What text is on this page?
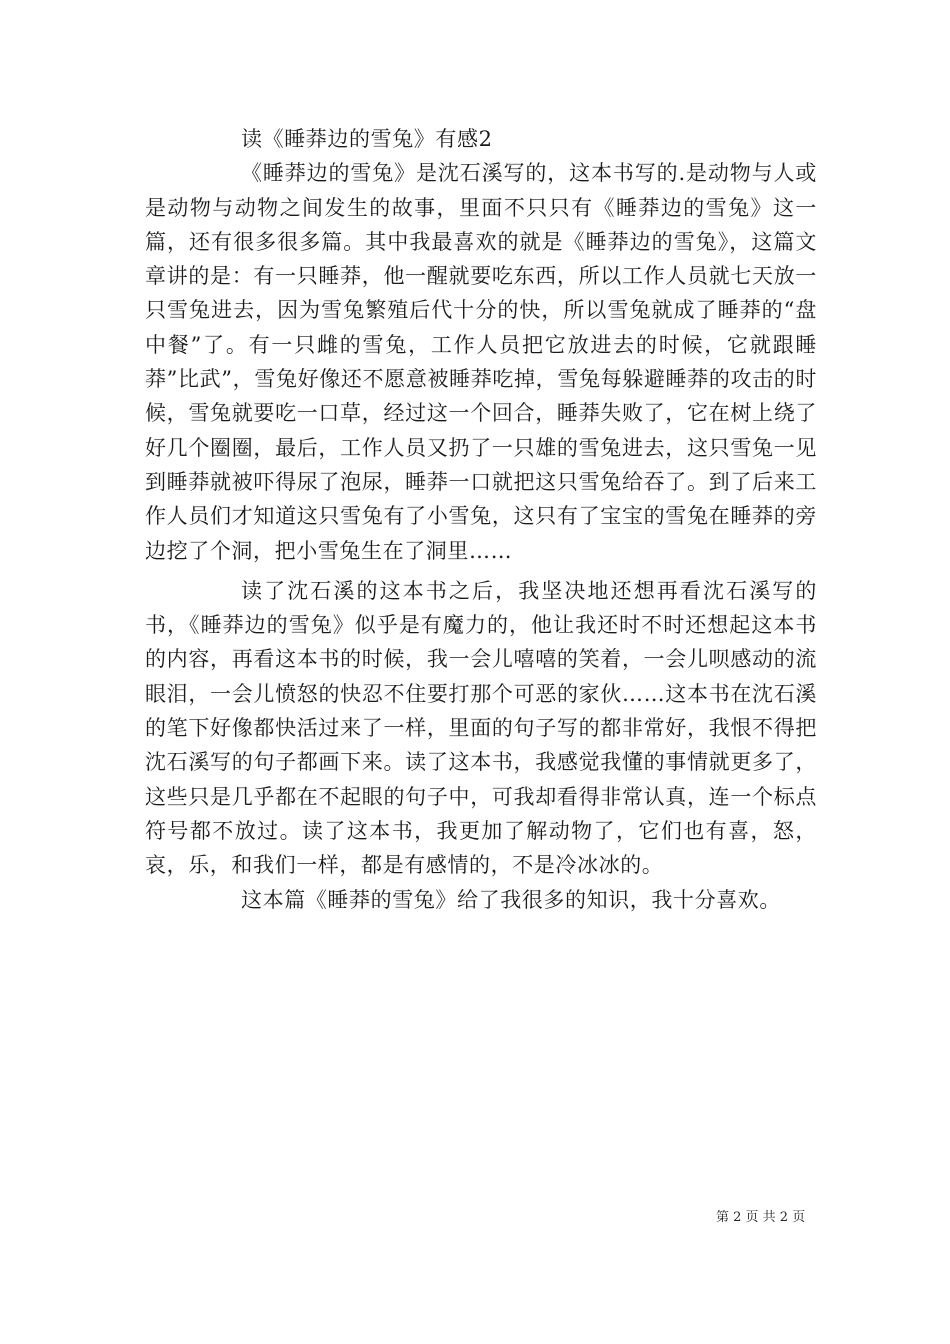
读《睡莽边的雪兔》有感2

《睡莽边的雪兔》是沈石溪写的，这本书写的.是动物与人或是动物与动物之间发生的故事，里面不只只有《睡莽边的雪兔》这一篇，还有很多很多篇。其中我最喜欢的就是《睡莽边的雪兔》，这篇文章讲的是：有一只睡莽，他一醒就要吃东西，所以工作人员就七天放一只雪兔进去，因为雪兔繁殖后代十分的快，所以雪兔就成了睡莽的“盘中餐”了。有一只雌的雪兔，工作人员把它放进去的时候，它就跟睡莽”比武”，雪兔好像还不愿意被睡莽吃掉，雪兔每躲避睡莽的攻击的时候，雪兔就要吃一口草，经过这一个回合，睡莽失败了，它在树上绕了好几个圈圈，最后，工作人员又扔了一只雄的雪兔进去，这只雪兔一见到睡莽就被吓得尿了泡尿，睡莽一口就把这只雪兔给吞了。到了后来工作人员们才知道这只雪兔有了小雪兔，这只有了宝宝的雪兔在睡莽的旁边挖了个洞，把小雪兔生在了洞里……

读了沈石溪的这本书之后，我坚决地还想再看沈石溪写的书，《睡莽边的雪兔》似乎是有魔力的，他让我还时不时还想起这本书的内容，再看这本书的时候，我一会儿嘻嘻的笑着，一会儿呗感动的流眼泪，一会儿愤怒的快忍不住要打那个可恶的家伙……这本书在沈石溪的笔下好像都快活过来了一样，里面的句子写的都非常好，我恨不得把沈石溪写的句子都画下来。读了这本书，我感觉我懂的事情就更多了，这些只是几乎都在不起眼的句子中，可我却看得非常认真，连一个标点符号都不放过。读了这本书，我更加了解动物了，它们也有喜，怒，哀，乐，和我们一样，都是有感情的，不是冷冰冰的。

这本篇《睡莽的雪兔》给了我很多的知识，我十分喜欢。

第 2 页 共 2 页
